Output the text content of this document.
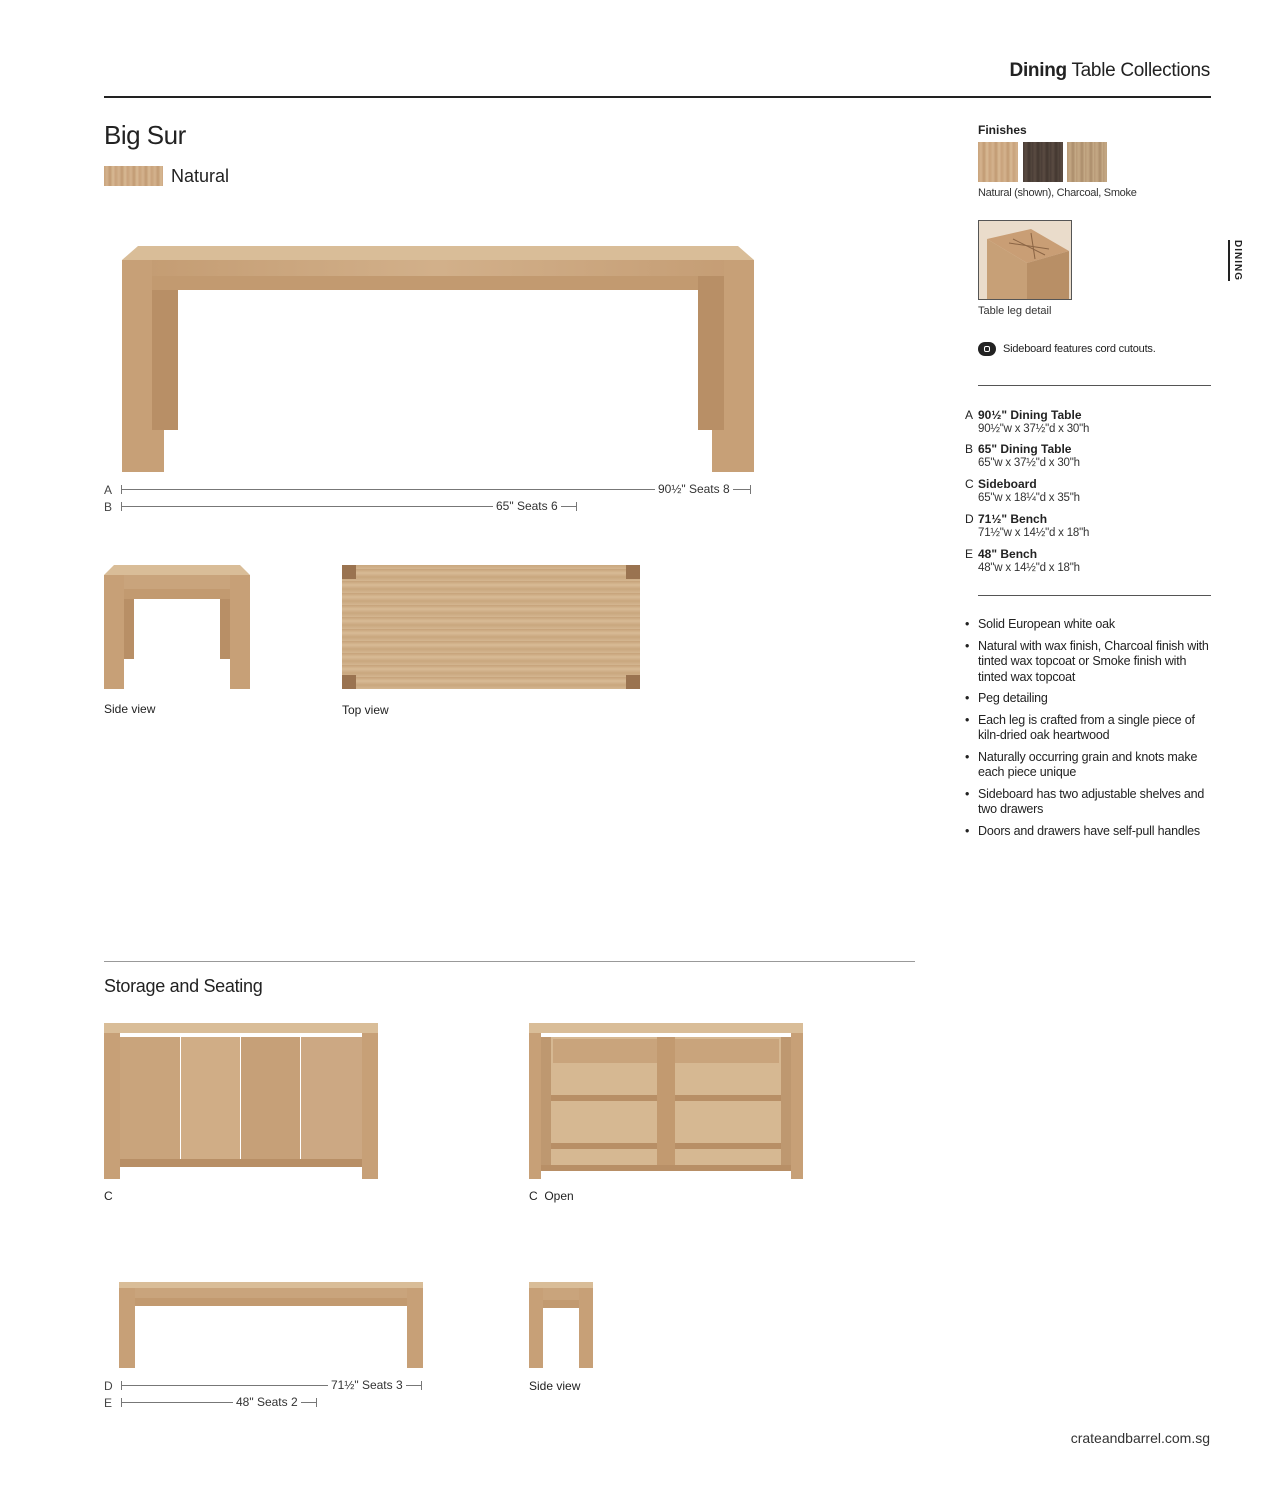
Dining Table Collections
Big Sur
Natural
A	90½" Seats 8
B	65" Seats 6
Side view	Top view
Finishes
Natural (shown), Charcoal, Smoke
Table leg detail
Sideboard features cord cutouts.
DINING
A 90½" Dining Table
90½"w x 37½"d x 30"h
B 65" Dining Table
65"w x 37½"d x 30"h
C Sideboard
65"w x 18¼"d x 35"h
D 71½" Bench
71½"w x 14½"d x 18"h
E 48" Bench
48"w x 14½"d x 18"h
• Solid European white oak
• Natural with wax finish, Charcoal finish with tinted wax topcoat or Smoke finish with tinted wax topcoat
• Peg detailing
• Each leg is crafted from a single piece of kiln-dried oak heartwood
• Naturally occurring grain and knots make each piece unique
• Sideboard has two adjustable shelves and two drawers
• Doors and drawers have self-pull handles
Storage and Seating
C	C Open
D	71½" Seats 3
E	48" Seats 2
Side view
crateandbarrel.com.sg
